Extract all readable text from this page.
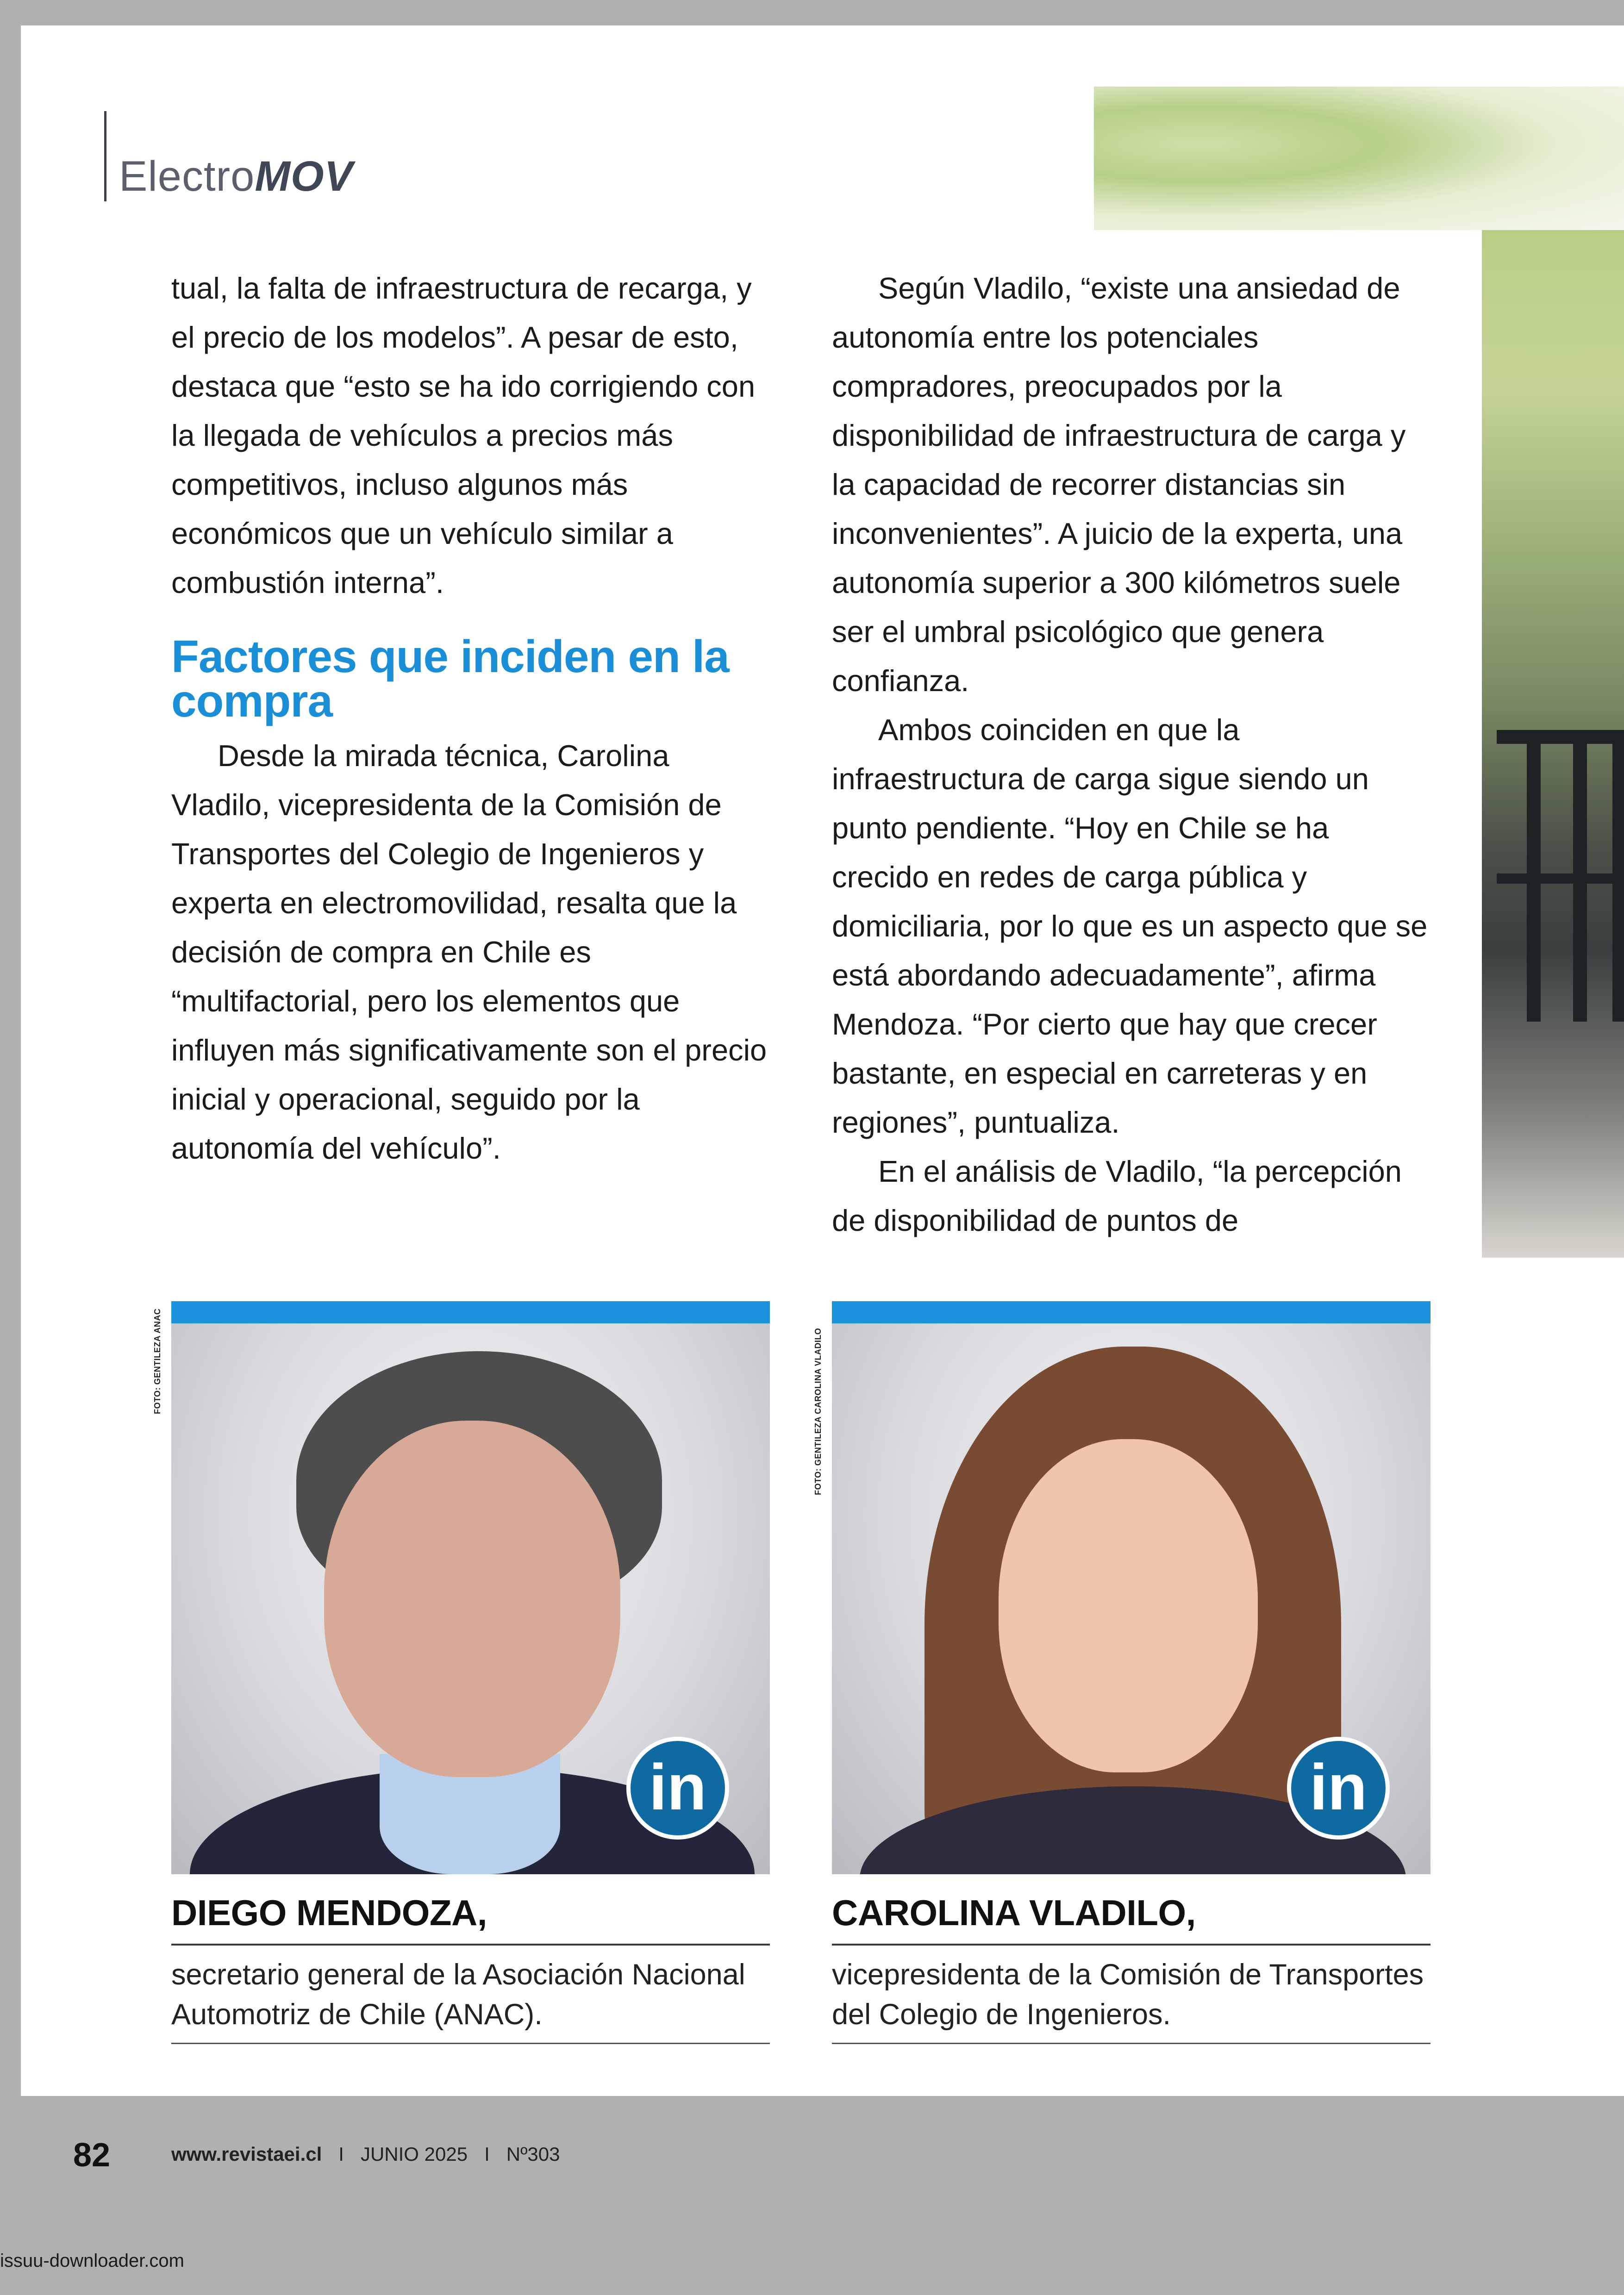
ElectroMOV

tual, la falta de infraestructura de recarga, y el precio de los modelos”. A pesar de esto, destaca que “esto se ha ido corrigiendo con la llegada de vehículos a precios más competitivos, incluso algunos más económicos que un vehículo similar a combustión interna”.

Factores que inciden en la compra

Desde la mirada técnica, Carolina Vladilo, vicepresidenta de la Comisión de Transportes del Colegio de Ingenieros y experta en electromovilidad, resalta que la decisión de compra en Chile es “multifactorial, pero los elementos que influyen más significativamente son el precio inicial y operacional, seguido por la autonomía del vehículo”.

Según Vladilo, “existe una ansiedad de autonomía entre los potenciales compradores, preocupados por la disponibilidad de infraestructura de carga y la capacidad de recorrer distancias sin inconvenientes”. A juicio de la experta, una autonomía superior a 300 kilómetros suele ser el umbral psicológico que genera confianza.

Ambos coinciden en que la infraestructura de carga sigue siendo un punto pendiente. “Hoy en Chile se ha crecido en redes de carga pública y domiciliaria, por lo que es un aspecto que se está abordando adecuadamente”, afirma Mendoza. “Por cierto que hay que crecer bastante, en especial en carreteras y en regiones”, puntualiza.

En el análisis de Vladilo, “la percepción de disponibilidad de puntos de

in
DIEGO MENDOZA,
secretario general de la Asociación Nacional Automotriz de Chile (ANAC).
FOTO: GENTILEZA ANAC
in
CAROLINA VLADILO,
vicepresidenta de la Comisión de Transportes del Colegio de Ingenieros.
FOTO: GENTILEZA CAROLINA VLADILO
82	www.revistaei.cl I JUNIO 2025 I Nº303
issuu-downloader.com
